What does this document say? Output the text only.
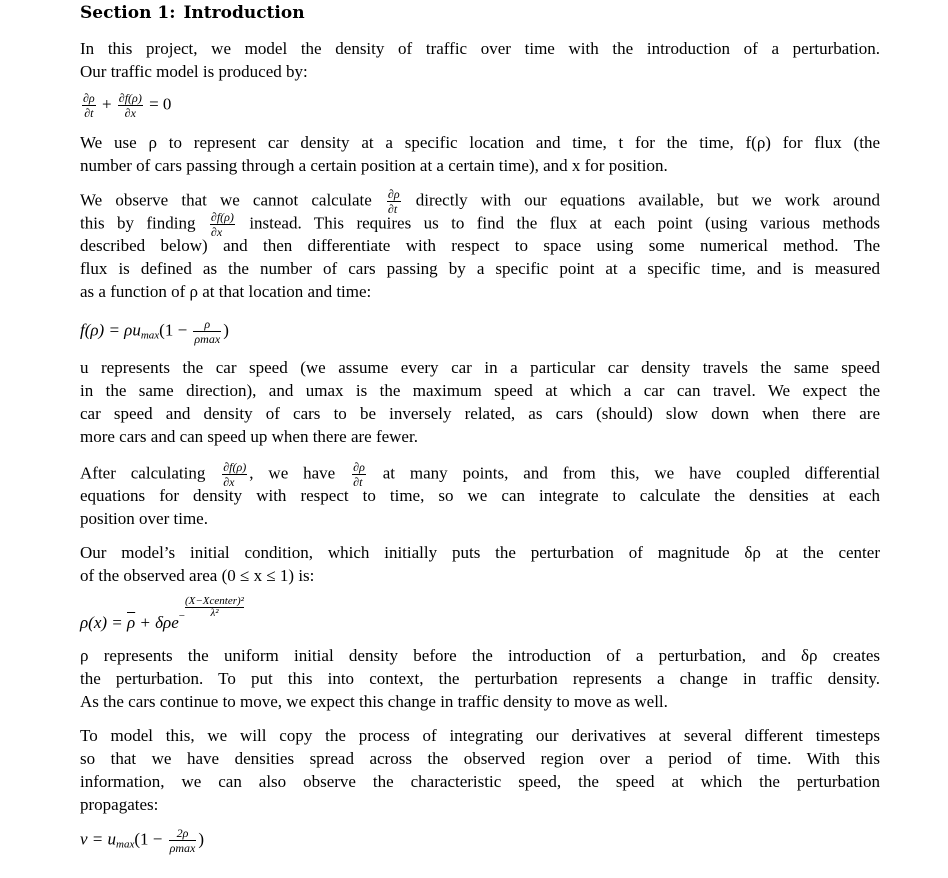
Section 1: Introduction
In this project, we model the density of traffic over time with the introduction of a perturbation.
Our traffic model is produced by:
$\frac{\partial\rho}{\partial t} + \frac{\partial f(\rho)}{\partial x} = 0$
We use ρ to represent car density at a specific location and time, t for the time, f(ρ) for flux (the
number of cars passing through a certain position at a certain time), and x for position.
We observe that we cannot calculate $\frac{\partial\rho}{\partial t}$ directly with our equations available, but we work around
this by finding $\frac{\partial f(\rho)}{\partial x}$ instead. This requires us to find the flux at each point (using various methods
described below) and then differentiate with respect to space using some numerical method. The
flux is defined as the number of cars passing by a specific point at a specific time, and is measured
as a function of ρ at that location and time:
$f(\rho) = \rho u_{max}(1 - \frac{\rho}{\rho\max}$ )
u represents the car speed (we assume every car in a particular car density travels the same speed
in the same direction), and umax is the maximum speed at which a car can travel. We expect the
car speed and density of cars to be inversely related, as cars (should) slow down when there are
more cars and can speed up when there are fewer.
After calculating $\frac{\partial f(\rho)}{\partial x}$ , we have $\frac{\partial\rho}{\partial t}$ at many points, and from this, we have coupled differential
equations for density with respect to time, so we can integrate to calculate the densities at each
position over time.
Our model’s initial condition, which initially puts the perturbation of magnitude δρ at the center
of the observed area (0 ≤ x ≤ 1) is:
$\rho(x) = \overline{\rho} + \delta\rho e^-$
(X−Xcenter)²
λ²
ρ represents the uniform initial density before the introduction of a perturbation, and δρ creates
the perturbation. To put this into context, the perturbation represents a change in traffic density.
As the cars continue to move, we expect this change in traffic density to move as well.
To model this, we will copy the process of integrating our derivatives at several different timesteps
so that we have densities spread across the observed region over a period of time. With this
information, we can also observe the characteristic speed, the speed at which the perturbation
propagates:
$v = u_{max}(1 - \frac{2\rho}{\rho\max}$ )
